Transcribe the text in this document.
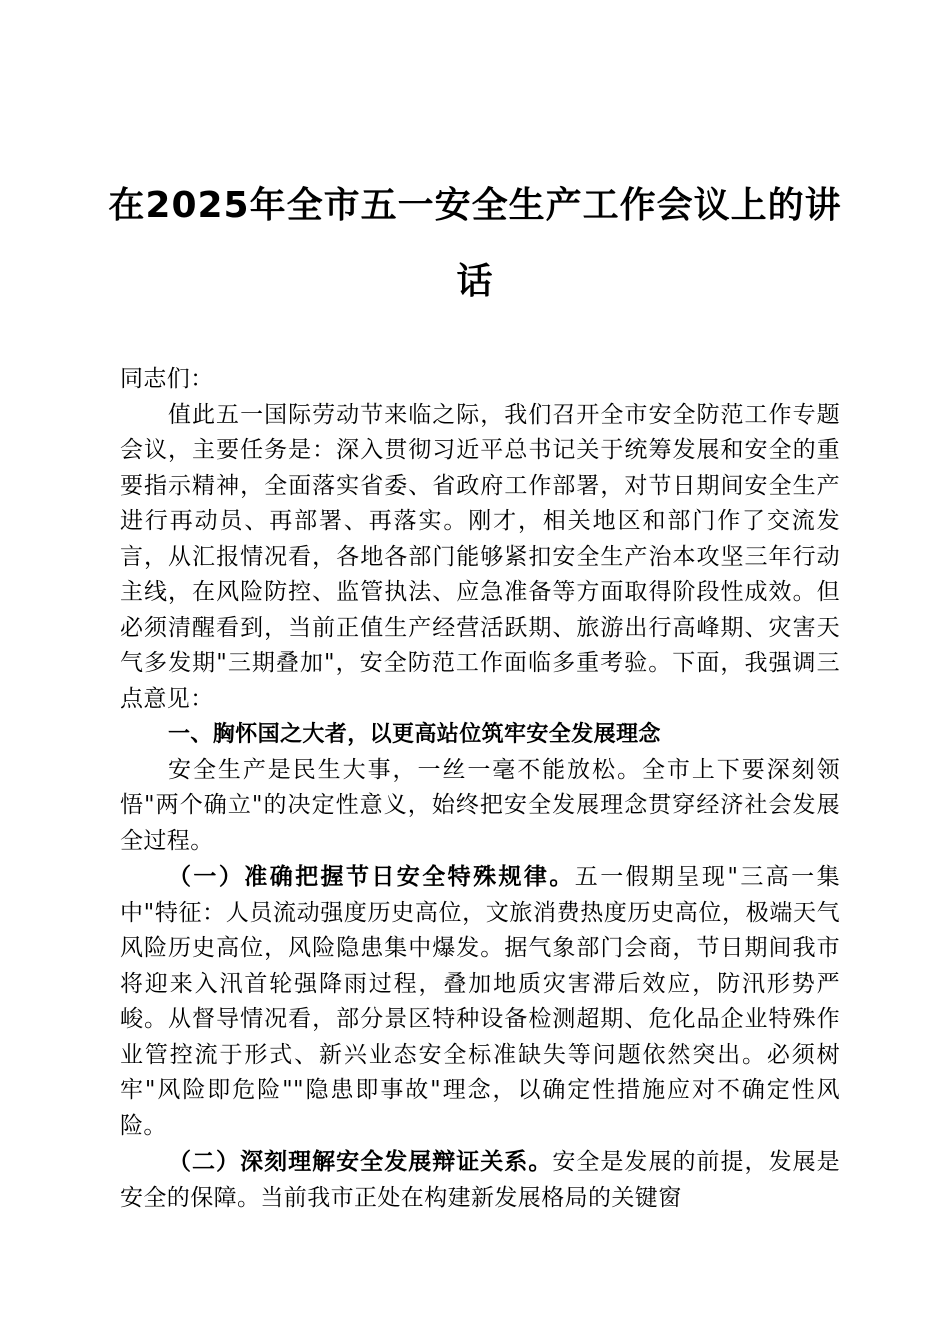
在2025年全市五一安全生产工作会议上的讲话

同志们：

值此五一国际劳动节来临之际，我们召开全市安全防范工作专题会议，主要任务是：深入贯彻习近平总书记关于统筹发展和安全的重要指示精神，全面落实省委、省政府工作部署，对节日期间安全生产进行再动员、再部署、再落实。刚才，相关地区和部门作了交流发言，从汇报情况看，各地各部门能够紧扣安全生产治本攻坚三年行动主线，在风险防控、监管执法、应急准备等方面取得阶段性成效。但必须清醒看到，当前正值生产经营活跃期、旅游出行高峰期、灾害天气多发期"三期叠加"，安全防范工作面临多重考验。下面，我强调三点意见：

一、胸怀国之大者，以更高站位筑牢安全发展理念

安全生产是民生大事，一丝一毫不能放松。全市上下要深刻领悟"两个确立"的决定性意义，始终把安全发展理念贯穿经济社会发展全过程。

（一）准确把握节日安全特殊规律。五一假期呈现"三高一集中"特征：人员流动强度历史高位，文旅消费热度历史高位，极端天气风险历史高位，风险隐患集中爆发。据气象部门会商，节日期间我市将迎来入汛首轮强降雨过程，叠加地质灾害滞后效应，防汛形势严峻。从督导情况看，部分景区特种设备检测超期、危化品企业特殊作业管控流于形式、新兴业态安全标准缺失等问题依然突出。必须树牢"风险即危险""隐患即事故"理念，以确定性措施应对不确定性风险。

（二）深刻理解安全发展辩证关系。安全是发展的前提，发展是安全的保障。当前我市正处在构建新发展格局的关键窗
